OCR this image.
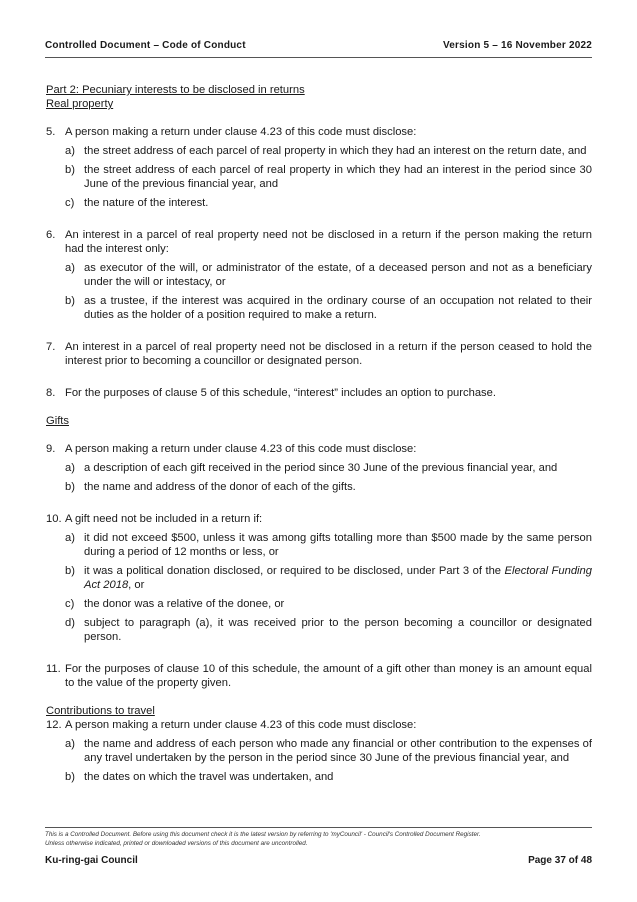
Controlled Document – Code of Conduct	Version 5 – 16 November 2022

Part 2: Pecuniary interests to be disclosed in returns

Real property

5. A person making a return under clause 4.23 of this code must disclose:
a) the street address of each parcel of real property in which they had an interest on the return date, and
b) the street address of each parcel of real property in which they had an interest in the period since 30 June of the previous financial year, and
c) the nature of the interest.
6. An interest in a parcel of real property need not be disclosed in a return if the person making the return had the interest only:
a) as executor of the will, or administrator of the estate, of a deceased person and not as a beneficiary under the will or intestacy, or
b) as a trustee, if the interest was acquired in the ordinary course of an occupation not related to their duties as the holder of a position required to make a return.
7. An interest in a parcel of real property need not be disclosed in a return if the person ceased to hold the interest prior to becoming a councillor or designated person.
8. For the purposes of clause 5 of this schedule, “interest” includes an option to purchase.

Gifts

9. A person making a return under clause 4.23 of this code must disclose:
a) a description of each gift received in the period since 30 June of the previous financial year, and
b) the name and address of the donor of each of the gifts.
10. A gift need not be included in a return if:
a) it did not exceed $500, unless it was among gifts totalling more than $500 made by the same person during a period of 12 months or less, or
b) it was a political donation disclosed, or required to be disclosed, under Part 3 of the Electoral Funding Act 2018, or
c) the donor was a relative of the donee, or
d) subject to paragraph (a), it was received prior to the person becoming a councillor or designated person.
11. For the purposes of clause 10 of this schedule, the amount of a gift other than money is an amount equal to the value of the property given.

Contributions to travel

12. A person making a return under clause 4.23 of this code must disclose:
a) the name and address of each person who made any financial or other contribution to the expenses of any travel undertaken by the person in the period since 30 June of the previous financial year, and
b) the dates on which the travel was undertaken, and
This is a Controlled Document. Before using this document check it is the latest version by referring to 'myCouncil' - Council's Controlled Document Register.
Unless otherwise indicated, printed or downloaded versions of this document are uncontrolled.
Ku-ring-gai Council	Page 37 of 48
